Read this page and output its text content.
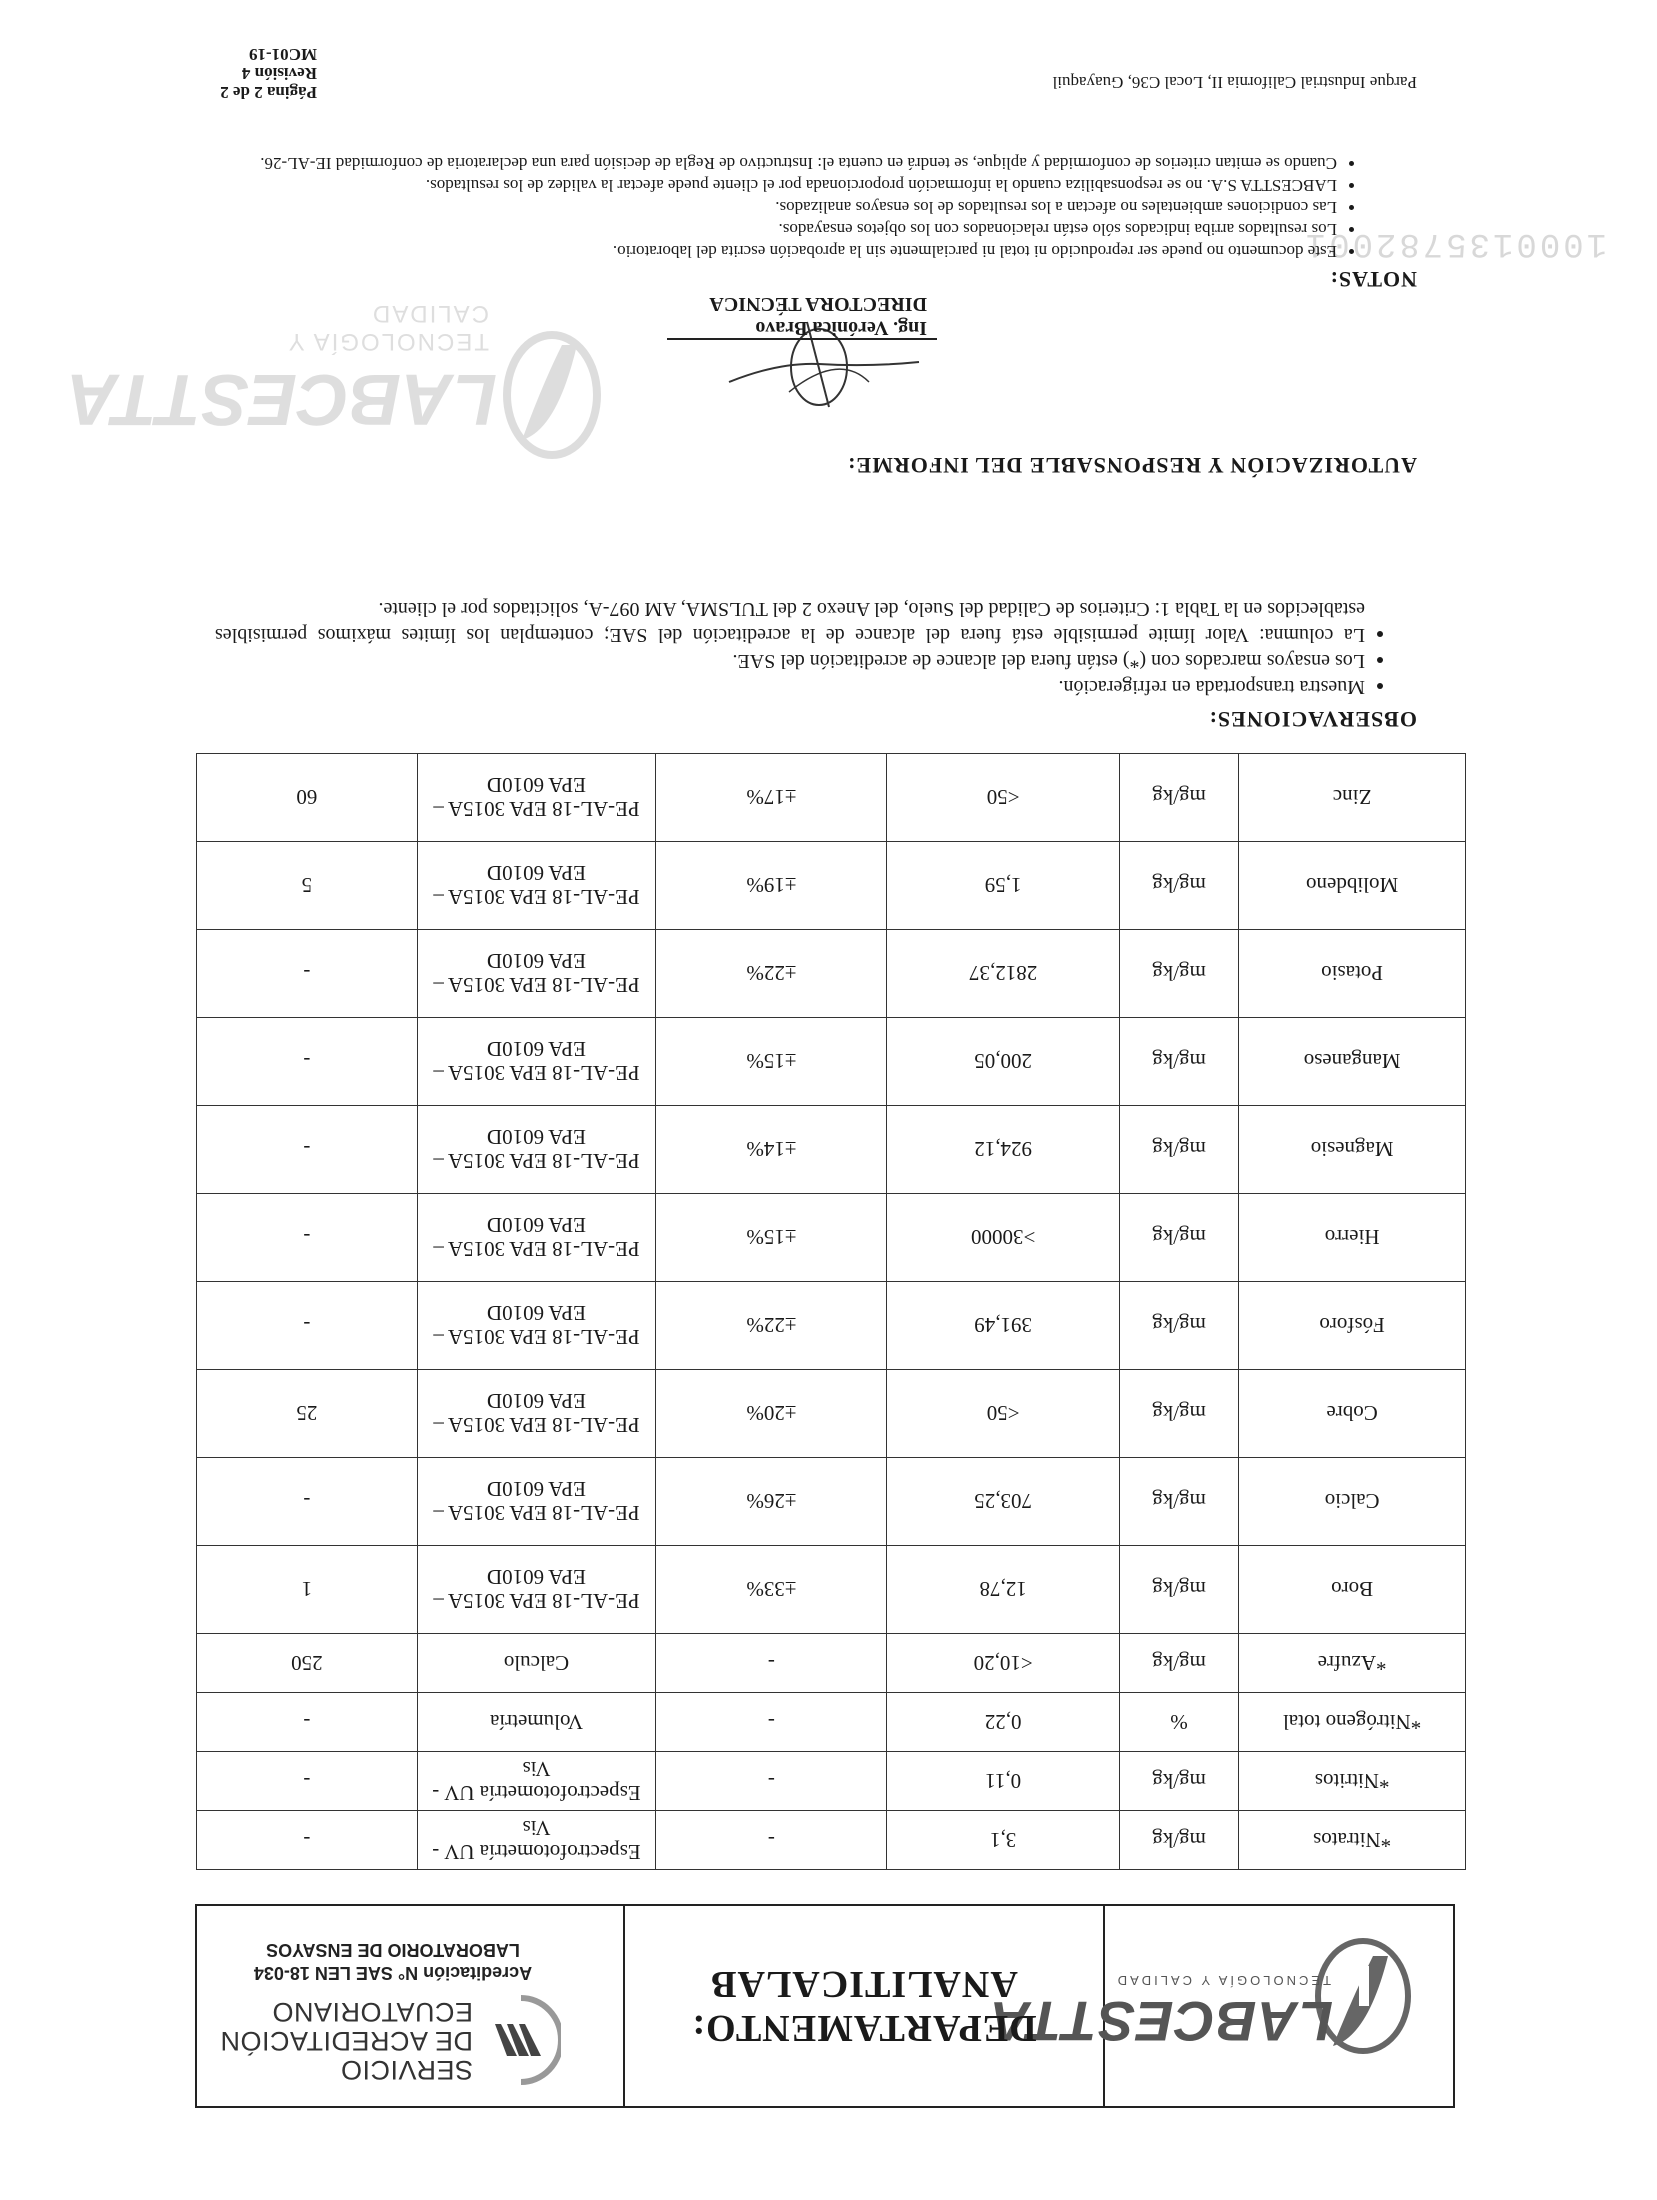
LABCESTTA
TECNOLOGÍA Y CALIDAD
DEPARTAMENTO:
ANALITICALAB
SERVICIO
DE ACREDITACIÓN
ECUATORIANO
Acreditación N° SAE LEN 18-034
LABORATORIO DE ENSAYOS
*Nitratos	mg/kg	3,1	-	Espectrofotometría UV - Vis	-
*Nitritos	mg/kg	0,11	-	Espectrofotometría UV - Vis	-
*Nitrógeno total	%	0,22	-	Volumetría	-
*Azufre	mg/kg	<10,20	-	Calculo	250
Boro	mg/kg	12,78	±33%	PE-AL-18 EPA 3015A – EPA 6010D	1
Calcio	mg/kg	703,25	±26%	PE-AL-18 EPA 3015A – EPA 6010D	-
Cobre	mg/kg	<50	±20%	PE-AL-18 EPA 3015A – EPA 6010D	25
Fósforo	mg/kg	391,49	±22%	PE-AL-18 EPA 3015A – EPA 6010D	-
Hierro	mg/kg	>30000	±15%	PE-AL-18 EPA 3015A – EPA 6010D	-
Magnesio	mg/kg	924,12	±14%	PE-AL-18 EPA 3015A – EPA 6010D	-
Manganeso	mg/kg	200,05	±15%	PE-AL-18 EPA 3015A – EPA 6010D	-
Potasio	mg/kg	2812,37	±22%	PE-AL-18 EPA 3015A – EPA 6010D	-
Molibdeno	mg/kg	1,59	±19%	PE-AL-18 EPA 3015A – EPA 6010D	5
Zinc	mg/kg	<50	±17%	PE-AL-18 EPA 3015A – EPA 6010D	60
OBSERVACIONES:
• Muestra transportada en refrigeración.
• Los ensayos marcados con (*) están fuera del alcance de acreditación del SAE.
• La columna: Valor límite permisible está fuera del alcance de la acreditación del SAE; contemplan los límites máximos permisibles establecidos en la Tabla 1: Criterios de Calidad del Suelo, del Anexo 2 del TULSMA, AM 097-A, solicitados por el cliente.
AUTORIZACIÓN Y RESPONSABLE DEL INFORME:
Ing. Verónica Bravo
DIRECTORA TÉCNICA
LABCESTTA
TECNOLOGÍA Y CALIDAD
1000135782001
NOTAS:
• Este documento no puede ser reproducido ni total ni parcialmente sin la aprobación escrita del laboratorio.
• Los resultados arriba indicados sólo están relacionados con los objetos ensayados.
• Las condiciones ambientales no afectan a los resultados de los ensayos analizados.
• LABCESTTA S.A. no se responsabiliza cuando la información proporcionada por el cliente puede afectar la validez de los resultados.
• Cuando se emitan criterios de conformidad y aplique, se tendrá en cuenta el: Instructivo de Regla de decisión para una declaratoria de conformidad IE-AL-26.
Parque Industrial California II, Local C36, Guayaquil
Página 2 de 2
Revisión 4
MC01-19
